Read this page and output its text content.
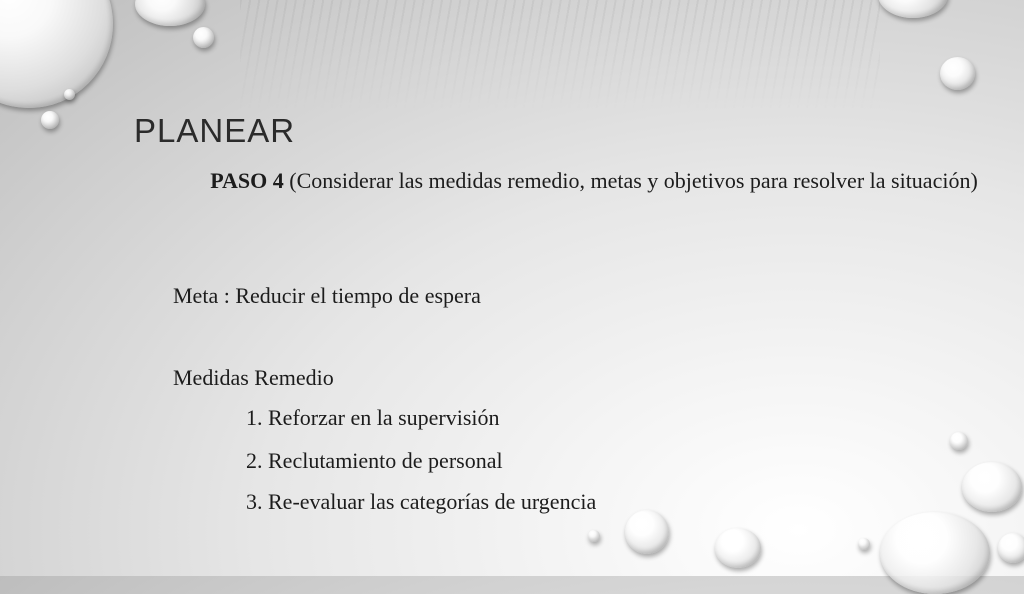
PLANEAR
PASO 4 (Considerar las medidas remedio, metas y objetivos para resolver la situación)
Meta : Reducir el tiempo de espera
Medidas Remedio
1. Reforzar en la supervisión
2. Reclutamiento de personal
3. Re-evaluar las categorías de urgencia
